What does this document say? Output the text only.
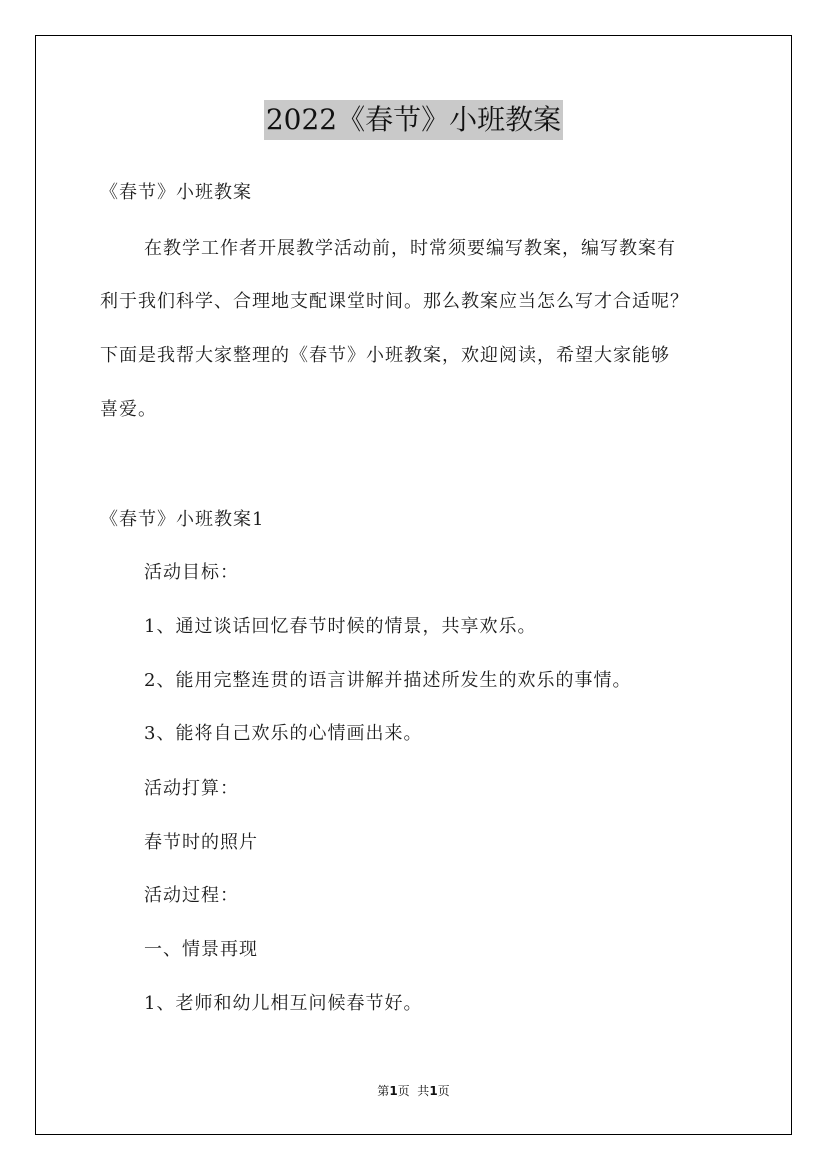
2022《春节》小班教案
《春节》小班教案
在教学工作者开展教学活动前，时常须要编写教案，编写教案有
利于我们科学、合理地支配课堂时间。那么教案应当怎么写才合适呢？
下面是我帮大家整理的《春节》小班教案，欢迎阅读，希望大家能够
喜爱。
《春节》小班教案1
活动目标：
1、通过谈话回忆春节时候的情景，共享欢乐。
2、能用完整连贯的语言讲解并描述所发生的欢乐的事情。
3、能将自己欢乐的心情画出来。
活动打算：
春节时的照片
活动过程：
一、情景再现
1、老师和幼儿相互问候春节好。
第1页  共1页
